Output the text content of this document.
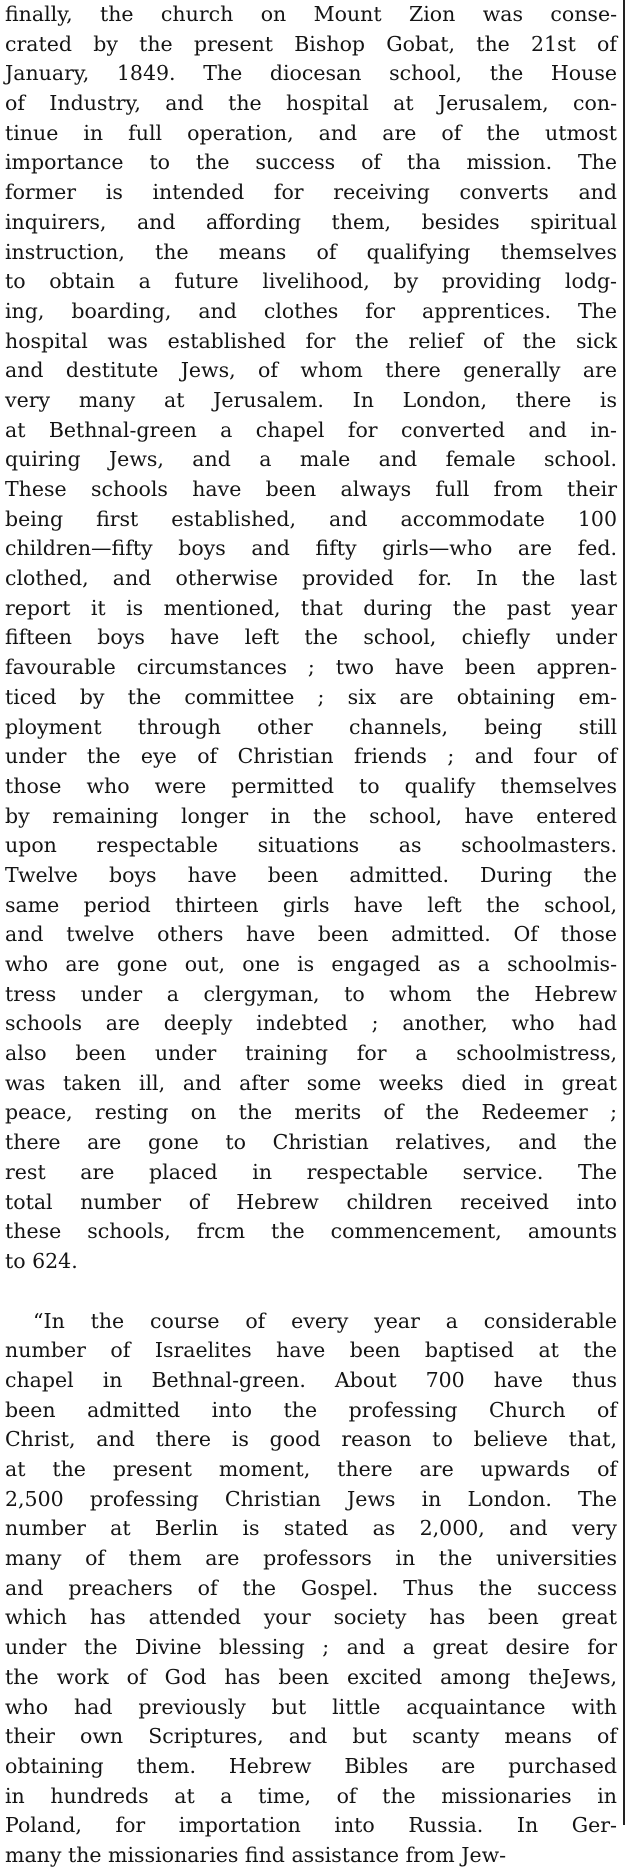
finally, the church on Mount Zion was conse-
crated by the present Bishop Gobat, the 21st of
January, 1849. The diocesan school, the House
of Industry, and the hospital at Jerusalem, con-
tinue in full operation, and are of the utmost
importance to the success of tha mission. The
former is intended for receiving converts and
inquirers, and affording them, besides spiritual
instruction, the means of qualifying themselves
to obtain a future livelihood, by providing lodg-
ing, boarding, and clothes for apprentices. The
hospital was established for the relief of the sick
and destitute Jews, of whom there generally are
very many at Jerusalem. In London, there is
at Bethnal-green a chapel for converted and in-
quiring Jews, and a male and female school.
These schools have been always full from their
being first established, and accommodate 100
children—fifty boys and fifty girls—who are fed.
clothed, and otherwise provided for. In the last
report it is mentioned, that during the past year
fifteen boys have left the school, chiefly under
favourable circumstances ; two have been appren-
ticed by the committee ; six are obtaining em-
ployment through other channels, being still
under the eye of Christian friends ; and four of
those who were permitted to qualify themselves
by remaining longer in the school, have entered
upon respectable situations as schoolmasters.
Twelve boys have been admitted. During the
same period thirteen girls have left the school,
and twelve others have been admitted. Of those
who are gone out, one is engaged as a schoolmis-
tress under a clergyman, to whom the Hebrew
schools are deeply indebted ; another, who had
also been under training for a schoolmistress,
was taken ill, and after some weeks died in great
peace, resting on the merits of the Redeemer ;
there are gone to Christian relatives, and the
rest are placed in respectable service. The
total number of Hebrew children received into
these schools, frcm the commencement, amounts
to 624.
“In the course of every year a considerable
number of Israelites have been baptised at the
chapel in Bethnal-green. About 700 have thus
been admitted into the professing Church of
Christ, and there is good reason to believe that,
at the present moment, there are upwards of
2,500 professing Christian Jews in London. The
number at Berlin is stated as 2,000, and very
many of them are professors in the universities
and preachers of the Gospel. Thus the success
which has attended your society has been great
under the Divine blessing ; and a great desire for
the work of God has been excited among theJews,
who had previously but little acquaintance with
their own Scriptures, and but scanty means of
obtaining them. Hebrew Bibles are purchased
in hundreds at a time, of the missionaries in
Poland, for importation into Russia. In Ger-
many the missionaries find assistance from Jew-
